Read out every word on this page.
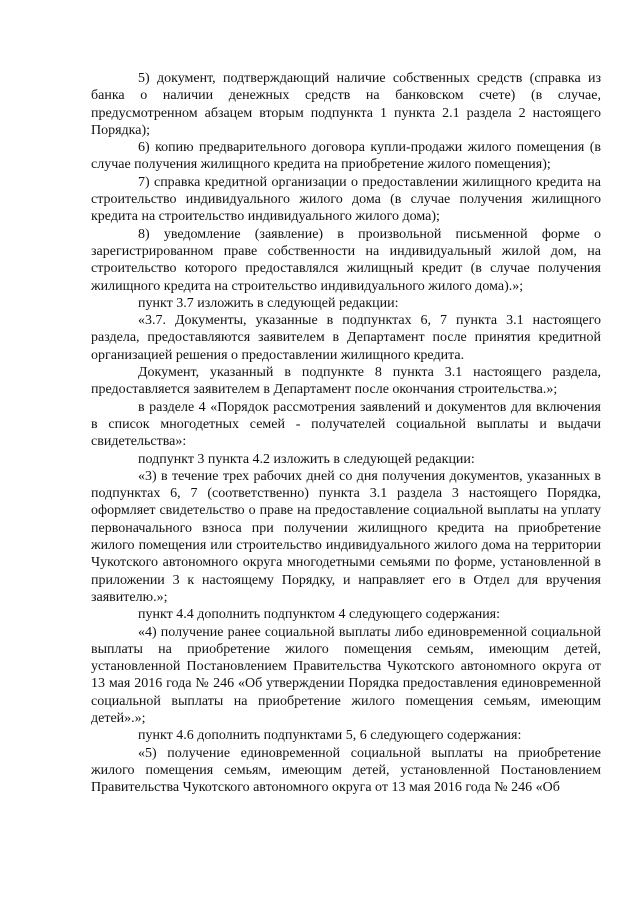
5) документ, подтверждающий наличие собственных средств (справка из банка о наличии денежных средств на банковском счете) (в случае, предусмотренном абзацем вторым подпункта 1 пункта 2.1 раздела 2 настоящего Порядка);

6) копию предварительного договора купли-продажи жилого помещения (в случае получения жилищного кредита на приобретение жилого помещения);

7) справка кредитной организации о предоставлении жилищного кредита на строительство индивидуального жилого дома (в случае получения жилищного кредита на строительство индивидуального жилого дома);

8) уведомление (заявление) в произвольной письменной форме о зарегистрированном праве собственности на индивидуальный жилой дом, на строительство которого предоставлялся жилищный кредит (в случае получения жилищного кредита на строительство индивидуального жилого дома).»;

пункт 3.7 изложить в следующей редакции:

«3.7. Документы, указанные в подпунктах 6, 7 пункта 3.1 настоящего раздела, предоставляются заявителем в Департамент после принятия кредитной организацией решения о предоставлении жилищного кредита.

Документ, указанный в подпункте 8 пункта 3.1 настоящего раздела, предоставляется заявителем в Департамент после окончания строительства.»;

в разделе 4 «Порядок рассмотрения заявлений и документов для включения в список многодетных семей - получателей социальной выплаты и выдачи свидетельства»:

подпункт 3 пункта 4.2 изложить в следующей редакции:

«3) в течение трех рабочих дней со дня получения документов, указанных в подпунктах 6, 7 (соответственно) пункта 3.1 раздела 3 настоящего Порядка, оформляет свидетельство о праве на предоставление социальной выплаты на уплату первоначального взноса при получении жилищного кредита на приобретение жилого помещения или строительство индивидуального жилого дома на территории Чукотского автономного округа многодетными семьями по форме, установленной в приложении 3 к настоящему Порядку, и направляет его в Отдел для вручения заявителю.»;

пункт 4.4 дополнить подпунктом 4 следующего содержания:

«4) получение ранее социальной выплаты либо единовременной социальной выплаты на приобретение жилого помещения семьям, имеющим детей, установленной Постановлением Правительства Чукотского автономного округа от 13 мая 2016 года № 246 «Об утверждении Порядка предоставления единовременной социальной выплаты на приобретение жилого помещения семьям, имеющим детей».»;

пункт 4.6 дополнить подпунктами 5, 6 следующего содержания:

«5) получение единовременной социальной выплаты на приобретение жилого помещения семьям, имеющим детей, установленной Постановлением Правительства Чукотского автономного округа от 13 мая 2016 года № 246 «Об
